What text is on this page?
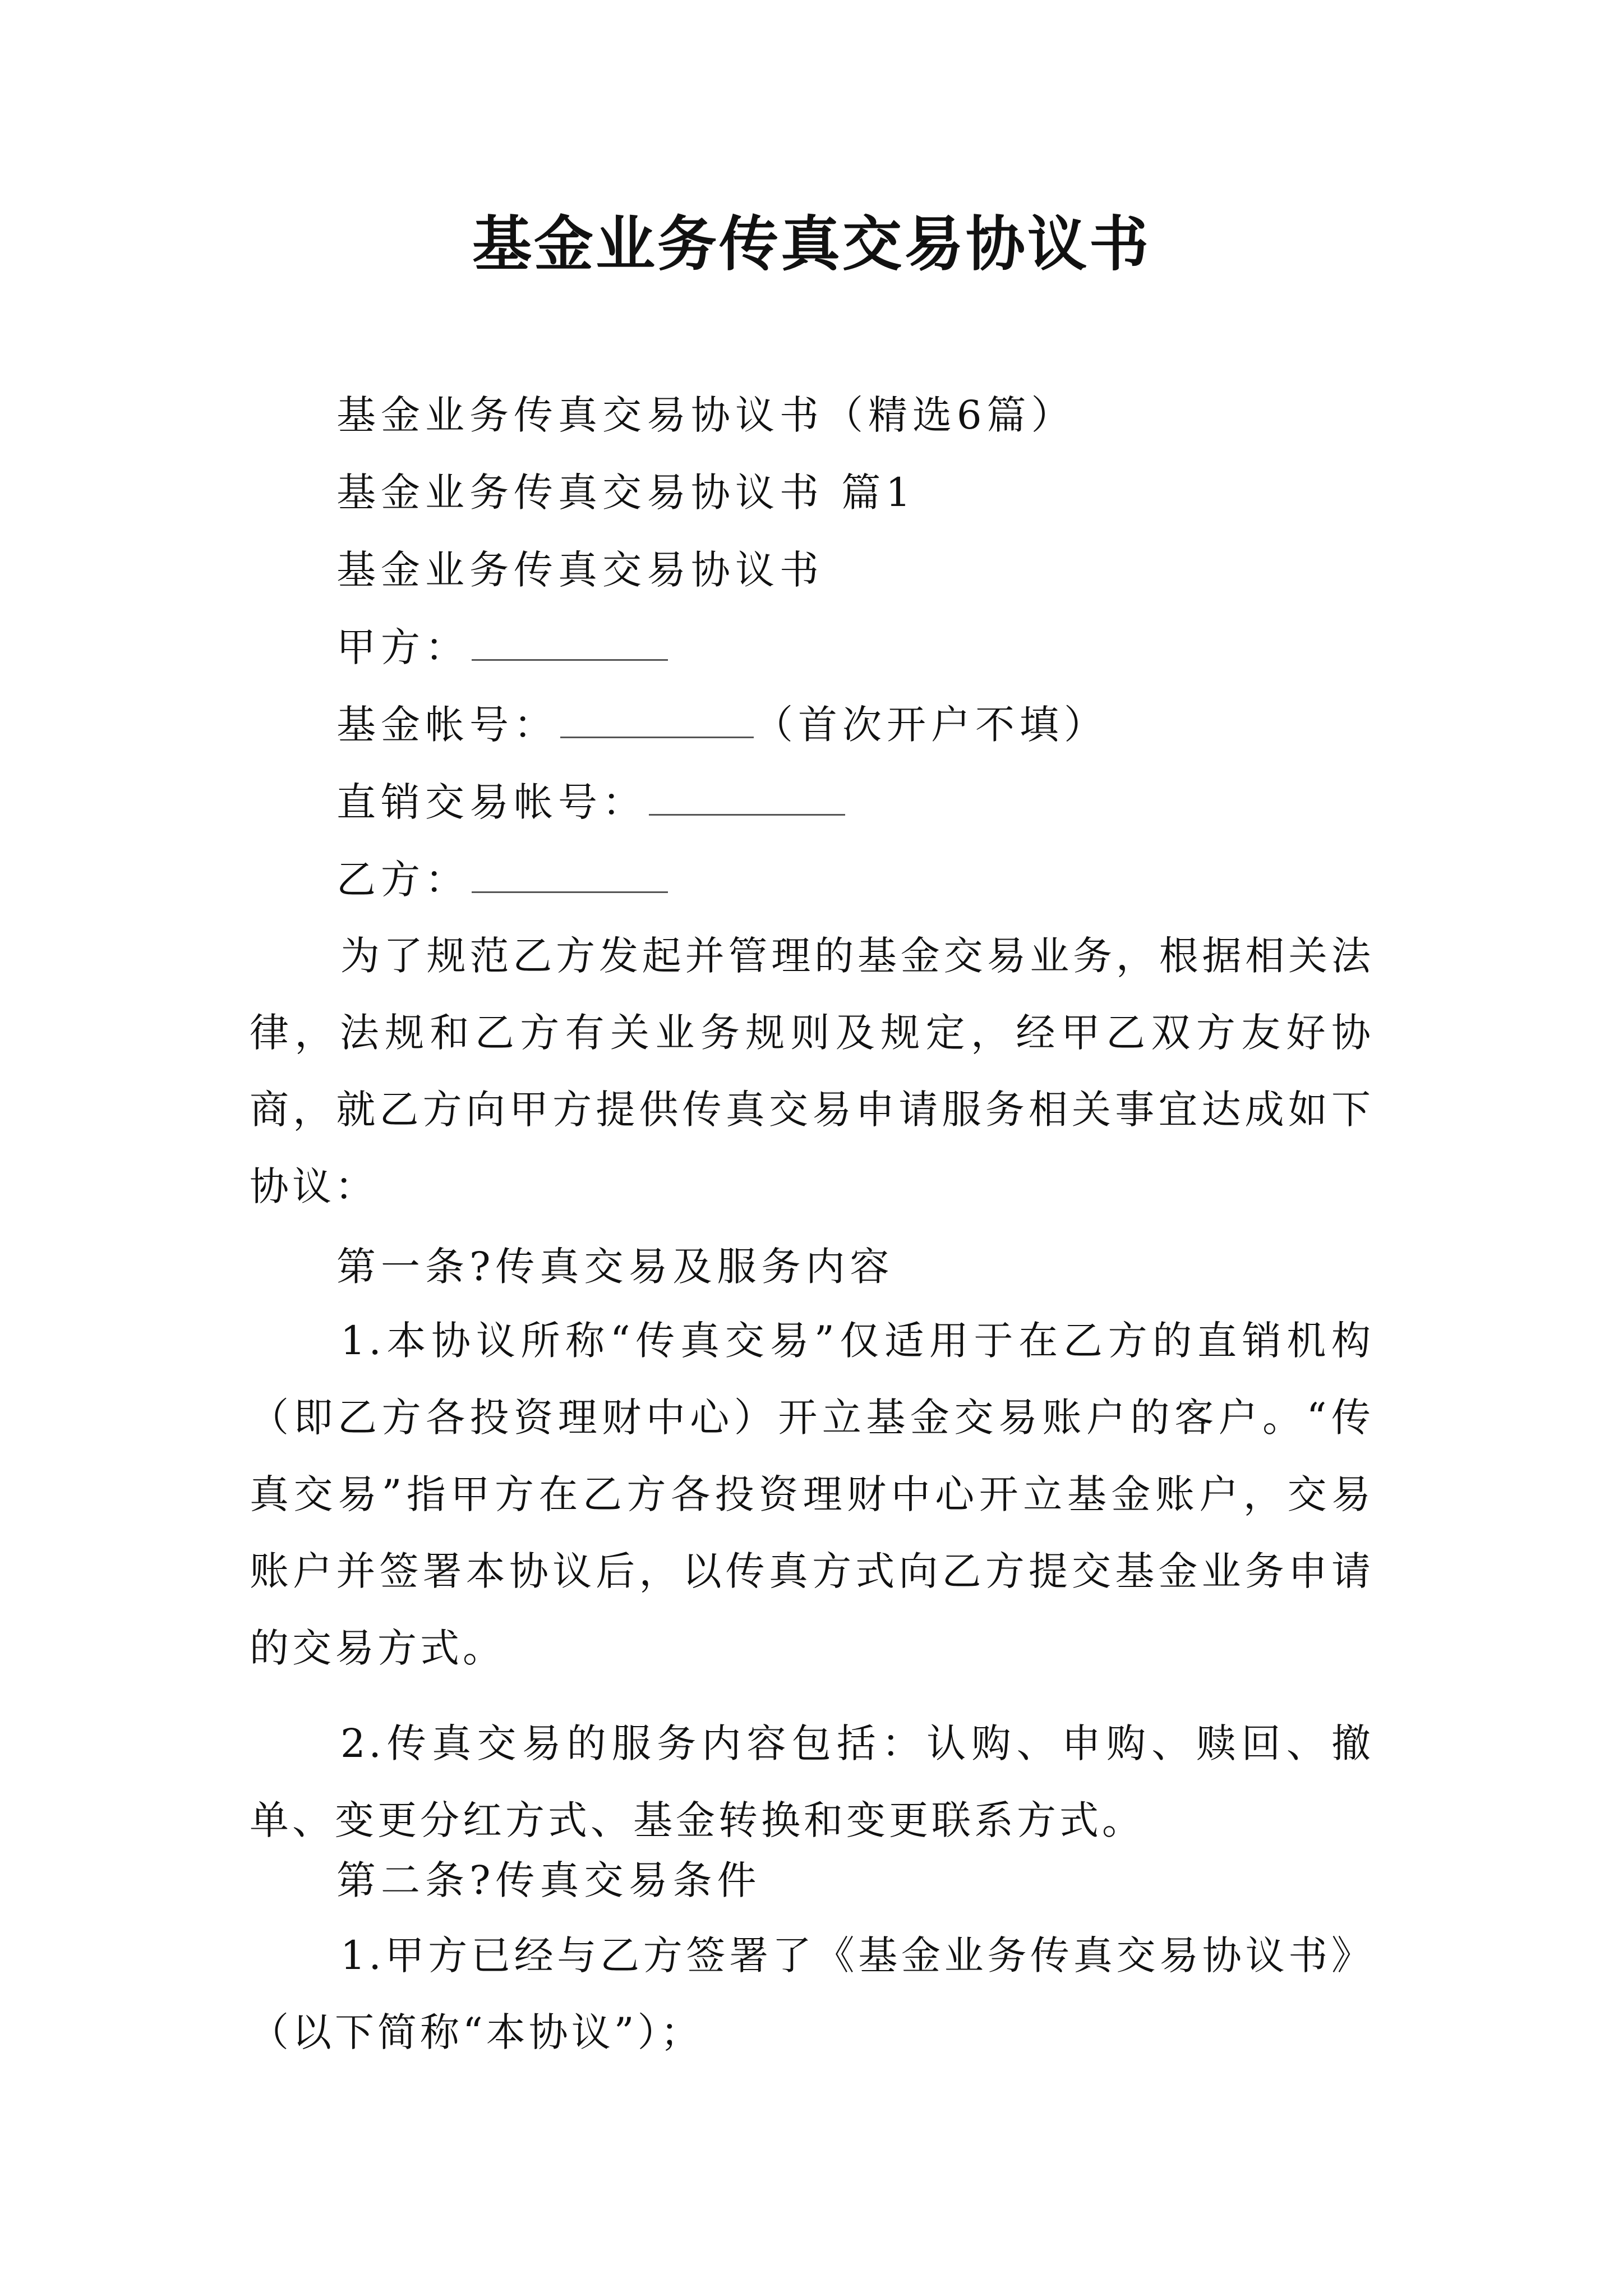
基金业务传真交易协议书
基金业务传真交易协议书（精选6篇）
基金业务传真交易协议书 篇1
基金业务传真交易协议书
甲方：
基金帐号：	（首次开户不填）
直销交易帐号：
乙方：
为了规范乙方发起并管理的基金交易业务，根据相关法律，法规和乙方有关业务规则及规定，经甲乙双方友好协商，就乙方向甲方提供传真交易申请服务相关事宜达成如下协议：
第一条?传真交易及服务内容
1.本协议所称“传真交易”仅适用于在乙方的直销机构（即乙方各投资理财中心）开立基金交易账户的客户。“传真交易”指甲方在乙方各投资理财中心开立基金账户，交易账户并签署本协议后，以传真方式向乙方提交基金业务申请的交易方式。
2.传真交易的服务内容包括：认购、申购、赎回、撤单、变更分红方式、基金转换和变更联系方式。
第二条?传真交易条件
1.甲方已经与乙方签署了《基金业务传真交易协议书》（以下简称“本协议”）；
